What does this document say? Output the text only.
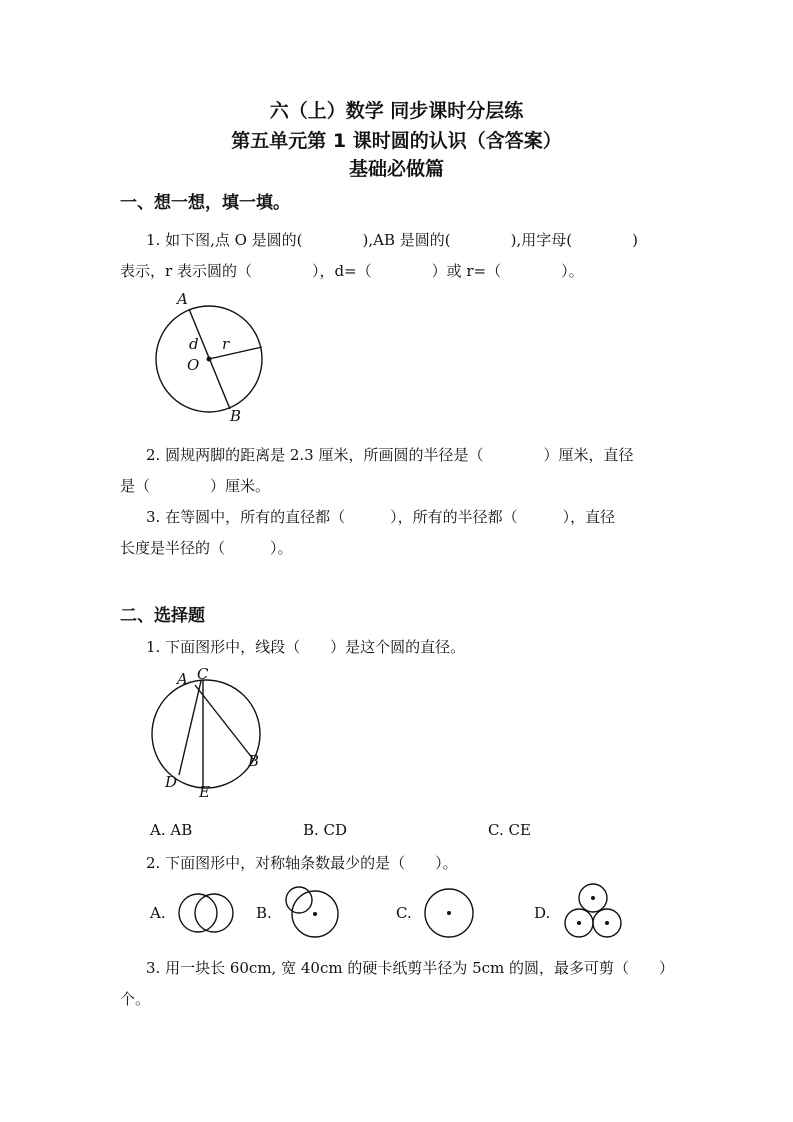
六（上）数学 同步课时分层练
第五单元第 1 课时圆的认识（含答案）
基础必做篇
一、想一想，填一填。
1. 如下图,点 O 是圆的(　　　　),AB 是圆的(　　　　),用字母(　　　　)
表示，r 表示圆的（　　　　），d=（　　　　）或 r=（　　　　）。
A
B
O
d r
2. 圆规两脚的距离是 2.3 厘米，所画圆的半径是（　　　　）厘米，直径
是（　　　　）厘米。
3. 在等圆中，所有的直径都（　　　），所有的半径都（　　　），直径
长度是半径的（　　　）。
二、选择题
1. 下面图形中，线段（　　）是这个圆的直径。
A C
B
D
E
A. AB	B. CD	C. CE
2. 下面图形中，对称轴条数最少的是（　　）。
A.	B.	C.	D.
3. 用一块长 60cm, 宽 40cm 的硬卡纸剪半径为 5cm 的圆，最多可剪（　　）
个。
